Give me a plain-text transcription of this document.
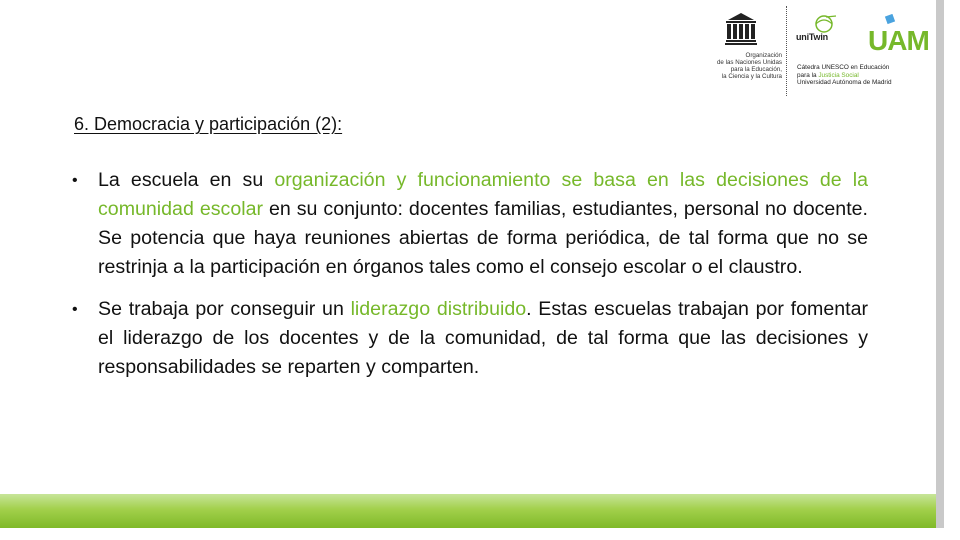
Organización
de las Naciones Unidas
para la Educación,
la Ciencia y la Cultura
uniTwin UAM
Cátedra UNESCO en Educación
para la Justicia Social
Universidad Autónoma de Madrid
6. Democracia y participación (2):
• La escuela en su organización y funcionamiento se basa en las decisiones de la comunidad escolar en su conjunto: docentes familias, estudiantes, personal no docente. Se potencia que haya reuniones abiertas de forma periódica, de tal forma que no se restrinja a la participación en órganos tales como el consejo escolar o el claustro.
• Se trabaja por conseguir un liderazgo distribuido. Estas escuelas trabajan por fomentar el liderazgo de los docentes y de la comunidad, de tal forma que las decisiones y responsabilidades se reparten y comparten.
